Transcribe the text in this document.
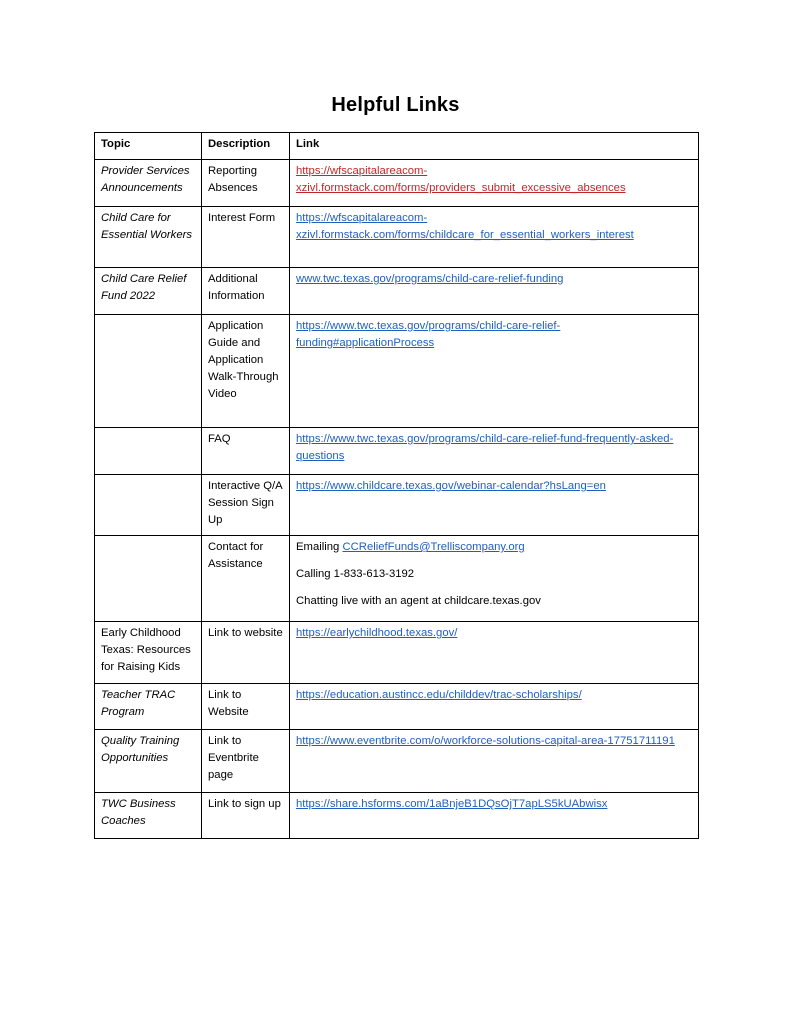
Helpful Links
Topic	Description	Link
Provider Services Announcements	Reporting Absences	https://wfscapitalareacom-xzivl.formstack.com/forms/providers_submit_excessive_absences
Child Care for Essential Workers	Interest Form	https://wfscapitalareacom-xzivl.formstack.com/forms/childcare_for_essential_workers_interest
Child Care Relief Fund 2022	Additional Information	www.twc.texas.gov/programs/child-care-relief-funding
	Application Guide and Application Walk-Through Video	https://www.twc.texas.gov/programs/child-care-relief-funding#applicationProcess
	FAQ	https://www.twc.texas.gov/programs/child-care-relief-fund-frequently-asked-questions
	Interactive Q/A Session Sign Up	https://www.childcare.texas.gov/webinar-calendar?hsLang=en
	Contact for Assistance	Emailing CCReliefFunds@Trelliscompany.org
Calling 1-833-613-3192
Chatting live with an agent at childcare.texas.gov

Early Childhood Texas: Resources for Raising Kids	Link to website	https://earlychildhood.texas.gov/
Teacher TRAC Program	Link to Website	https://education.austincc.edu/childdev/trac-scholarships/
Quality Training Opportunities	Link to Eventbrite page	https://www.eventbrite.com/o/workforce-solutions-capital-area-17751711191
TWC Business Coaches	Link to sign up	https://share.hsforms.com/1aBnjeB1DQsOjT7apLS5kUAbwisx
